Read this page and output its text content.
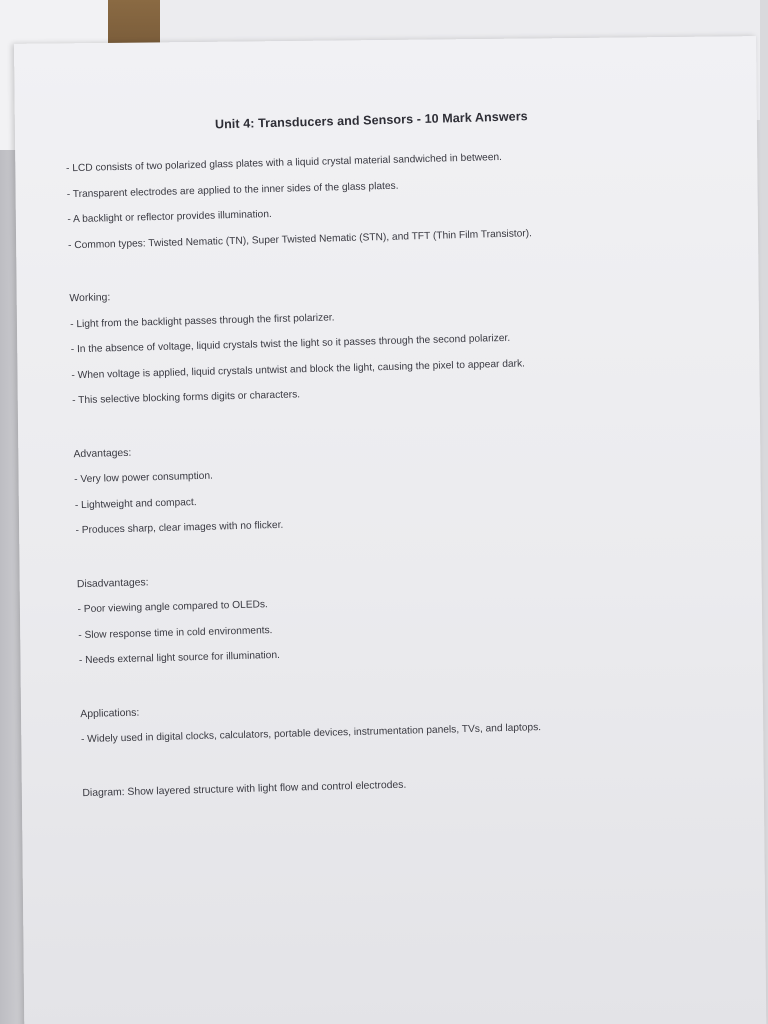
Unit 4: Transducers and Sensors - 10 Mark Answers
- LCD consists of two polarized glass plates with a liquid crystal material sandwiched in between.
- Transparent electrodes are applied to the inner sides of the glass plates.
- A backlight or reflector provides illumination.
- Common types: Twisted Nematic (TN), Super Twisted Nematic (STN), and TFT (Thin Film Transistor).
Working:
- Light from the backlight passes through the first polarizer.
- In the absence of voltage, liquid crystals twist the light so it passes through the second polarizer.
- When voltage is applied, liquid crystals untwist and block the light, causing the pixel to appear dark.
- This selective blocking forms digits or characters.
Advantages:
- Very low power consumption.
- Lightweight and compact.
- Produces sharp, clear images with no flicker.
Disadvantages:
- Poor viewing angle compared to OLEDs.
- Slow response time in cold environments.
- Needs external light source for illumination.
Applications:
- Widely used in digital clocks, calculators, portable devices, instrumentation panels, TVs, and laptops.
Diagram: Show layered structure with light flow and control electrodes.
